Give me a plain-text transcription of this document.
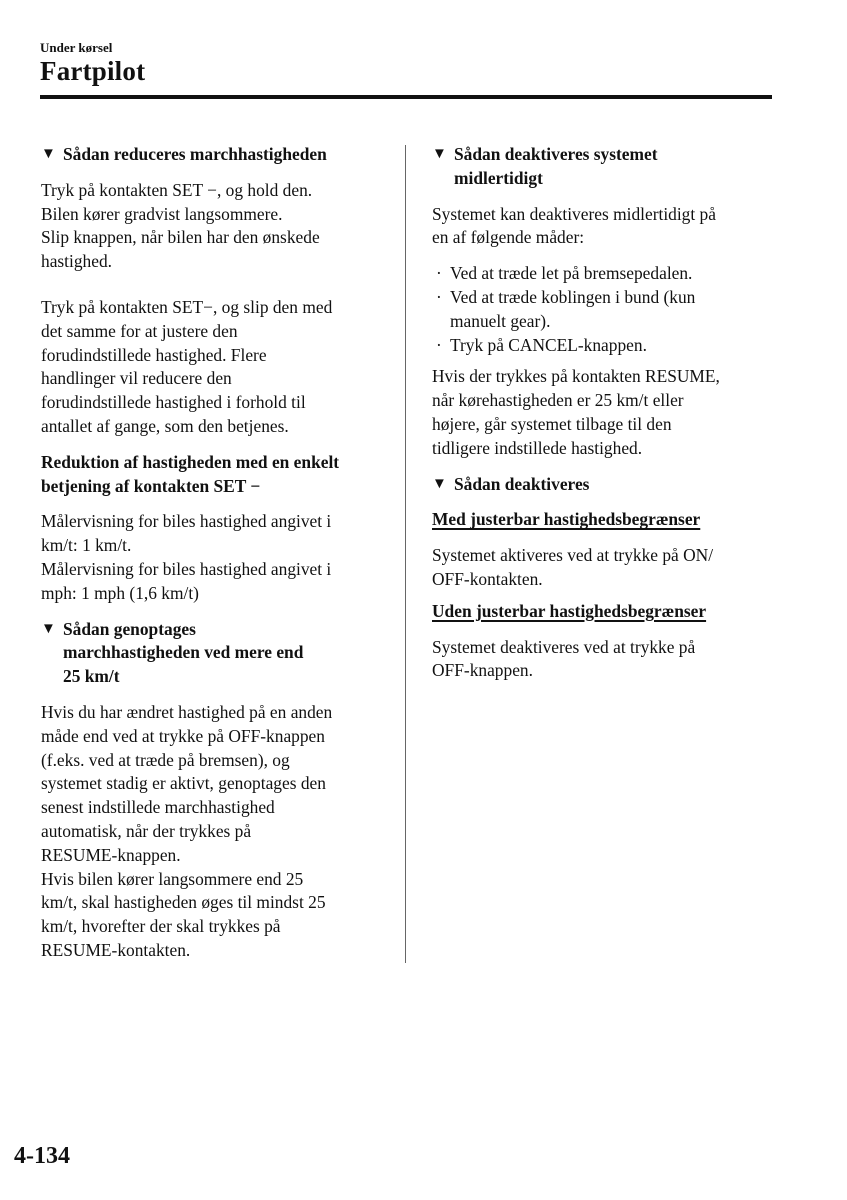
Under kørsel
Fartpilot
▼ Sådan reduceres marchhastigheden

Tryk på kontakten SET −, og hold den.
Bilen kører gradvist langsommere.
Slip knappen, når bilen har den ønskede
hastighed.

Tryk på kontakten SET−, og slip den med
det samme for at justere den
forudindstillede hastighed. Flere
handlinger vil reducere den
forudindstillede hastighed i forhold til
antallet af gange, som den betjenes.

Reduktion af hastigheden med en enkelt
betjening af kontakten SET −

Målervisning for biles hastighed angivet i
km/t: 1 km/t.
Målervisning for biles hastighed angivet i
mph: 1 mph (1,6 km/t)

▼ Sådan genoptages
marchhastigheden ved mere end
25 km/t

Hvis du har ændret hastighed på en anden
måde end ved at trykke på OFF-knappen
(f.eks. ved at træde på bremsen), og
systemet stadig er aktivt, genoptages den
senest indstillede marchhastighed
automatisk, når der trykkes på
RESUME-knappen.
Hvis bilen kører langsommere end 25
km/t, skal hastigheden øges til mindst 25
km/t, hvorefter der skal trykkes på
RESUME-kontakten.

▼ Sådan deaktiveres systemet
midlertidigt

Systemet kan deaktiveres midlertidigt på
en af følgende måder:

· Ved at træde let på bremsepedalen.
· Ved at træde koblingen i bund (kun
manuelt gear).
· Tryk på CANCEL-knappen.

Hvis der trykkes på kontakten RESUME,
når kørehastigheden er 25 km/t eller
højere, går systemet tilbage til den
tidligere indstillede hastighed.

▼ Sådan deaktiveres
Med justerbar hastighedsbegrænser

Systemet aktiveres ved at trykke på ON/
OFF-kontakten.

Uden justerbar hastighedsbegrænser

Systemet deaktiveres ved at trykke på
OFF-knappen.

4-134
